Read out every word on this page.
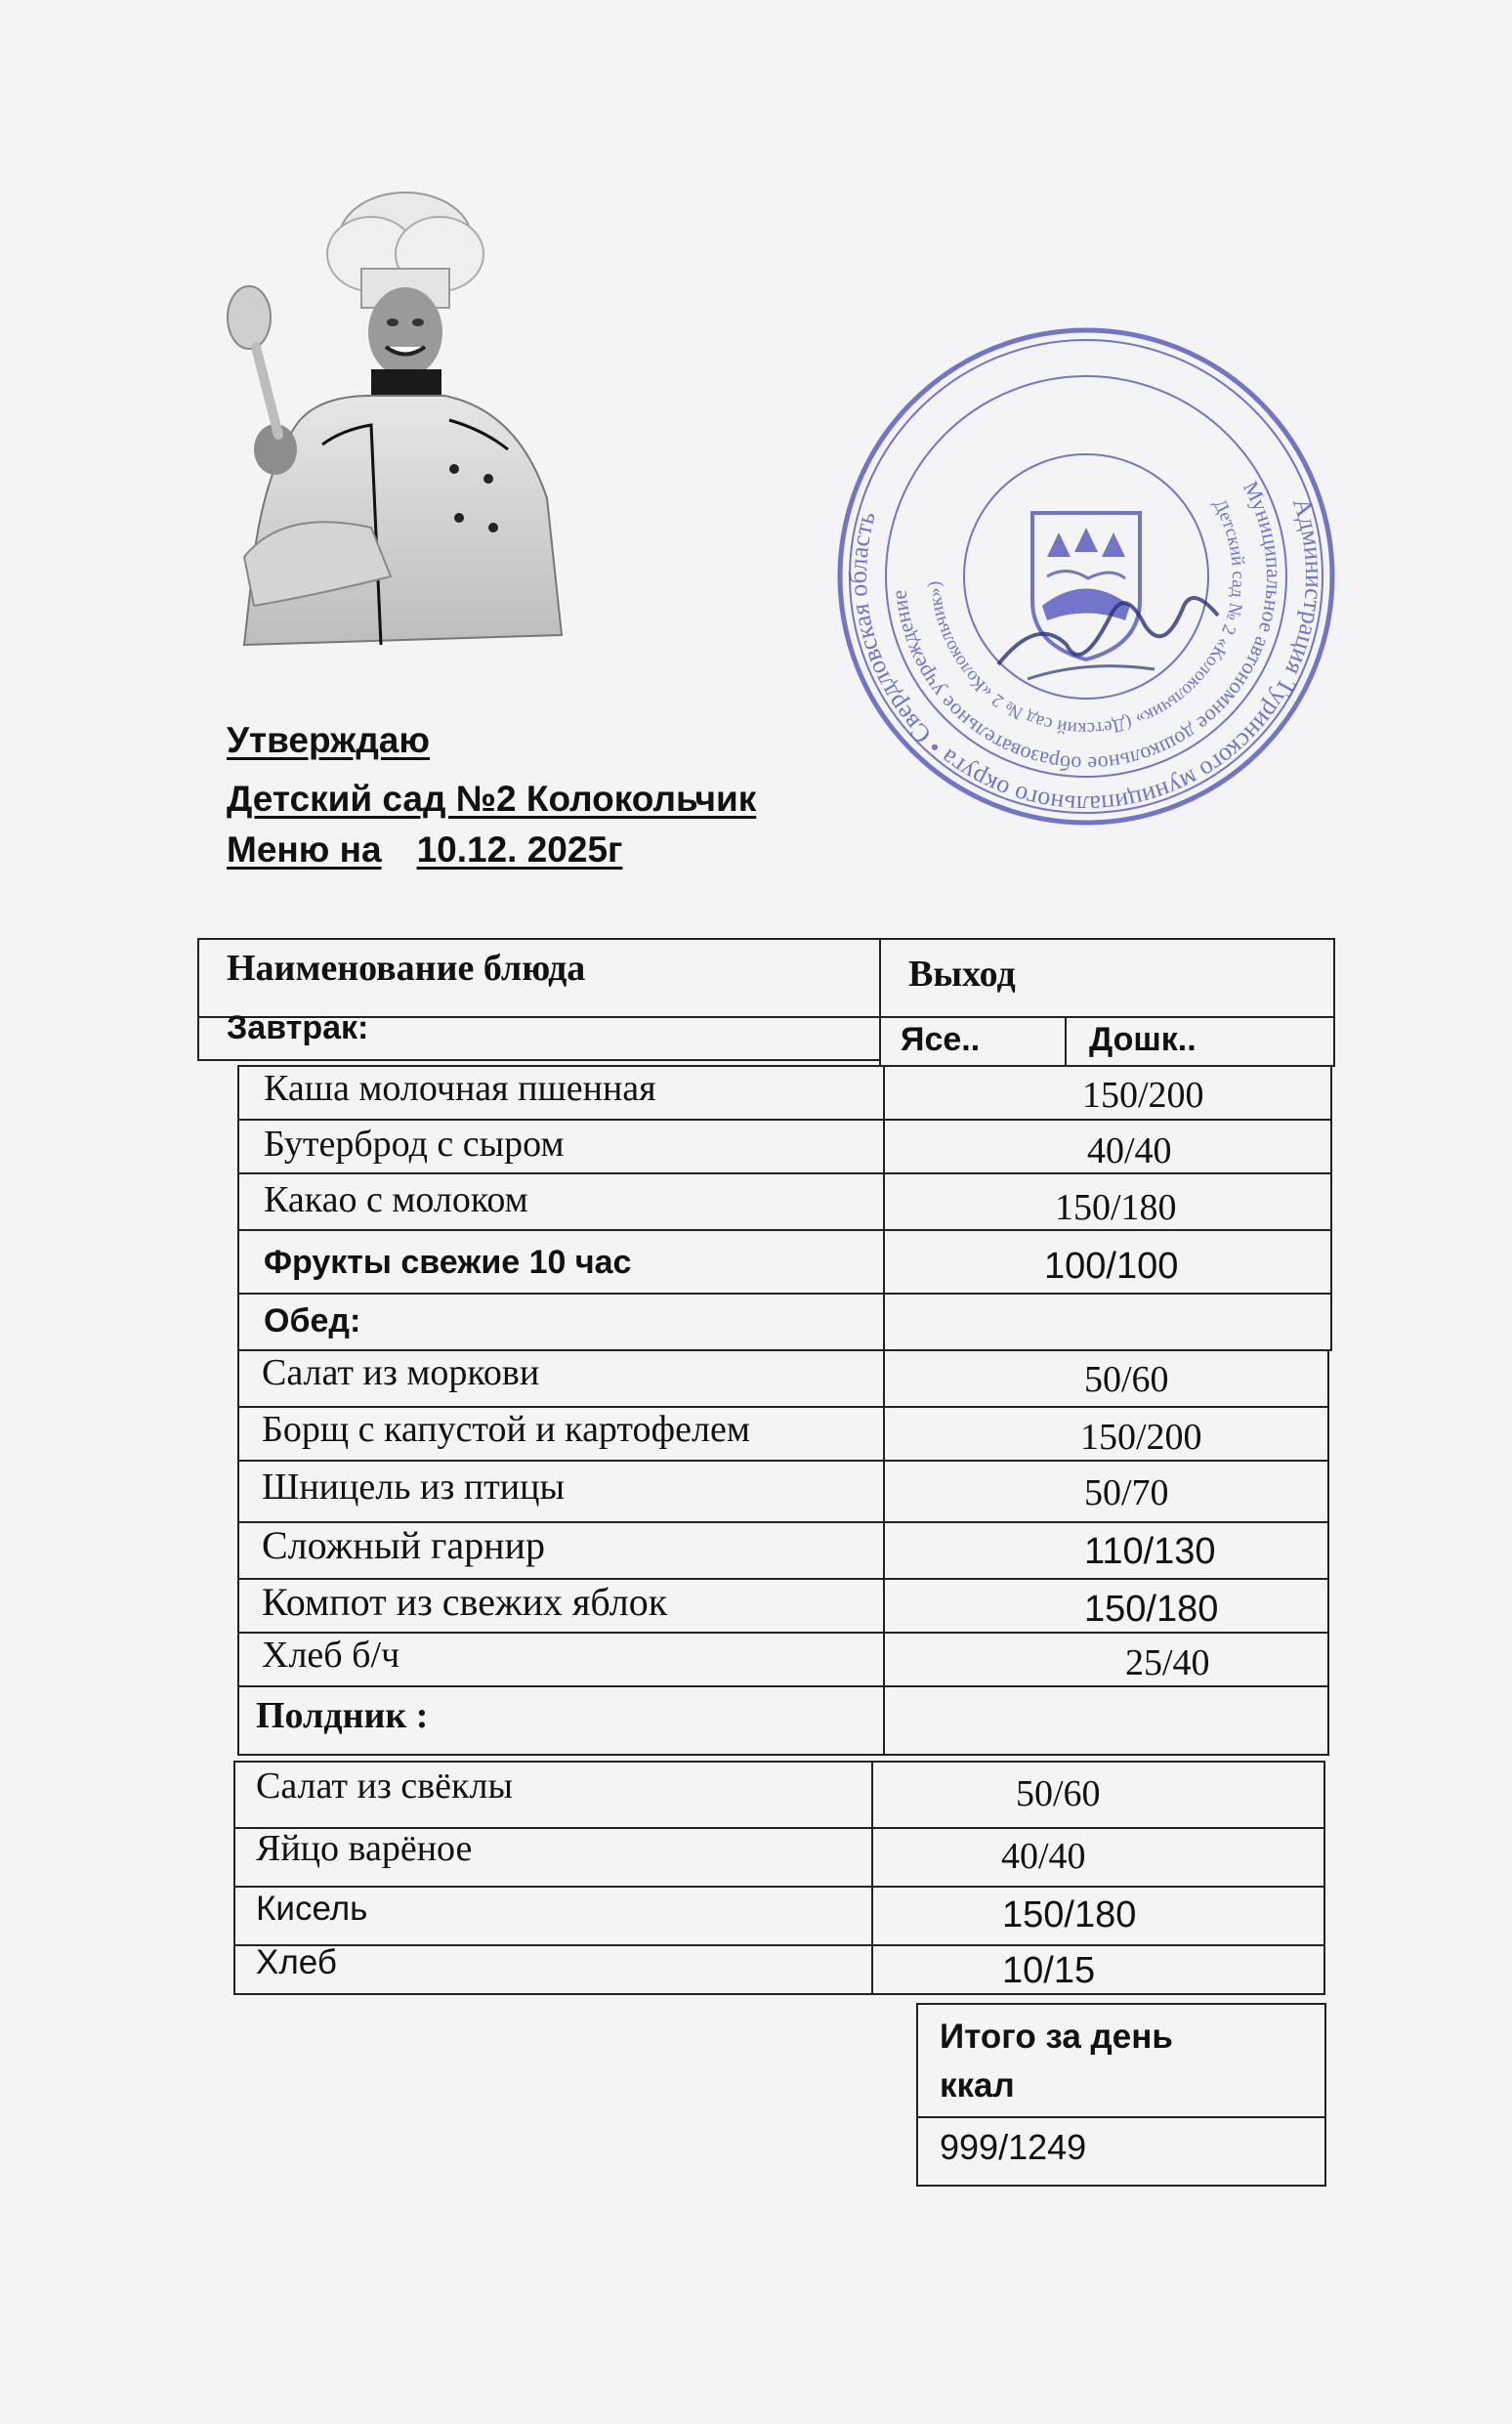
Утверждаю
Детский сад №2 Колокольчик
Меню на 10.12. 2025г
Администрация Туринского муниципального округа • Свердловская область
Муниципальное автономное дошкольное образовательное учреждение
Детский сад № 2 «Колокольчик» (Детский сад № 2 «Колокольчик»)
Наименование блюда	Выход
Завтрак:	Ясе..	Дошк..
Каша молочная пшенная	150/200
Бутерброд с сыром	40/40
Какао с молоком	150/180
Фрукты свежие 10 час	100/100
Обед:
Салат из моркови	50/60
Борщ с капустой и картофелем	150/200
Шницель из птицы	50/70
Сложный гарнир	110/130
Компот из свежих яблок	150/180
Хлеб б/ч	25/40
Полдник :
Салат из свёклы	50/60
Яйцо варёное	40/40
Кисель	150/180
Хлеб	10/15
Итого за день
ккал
999/1249
